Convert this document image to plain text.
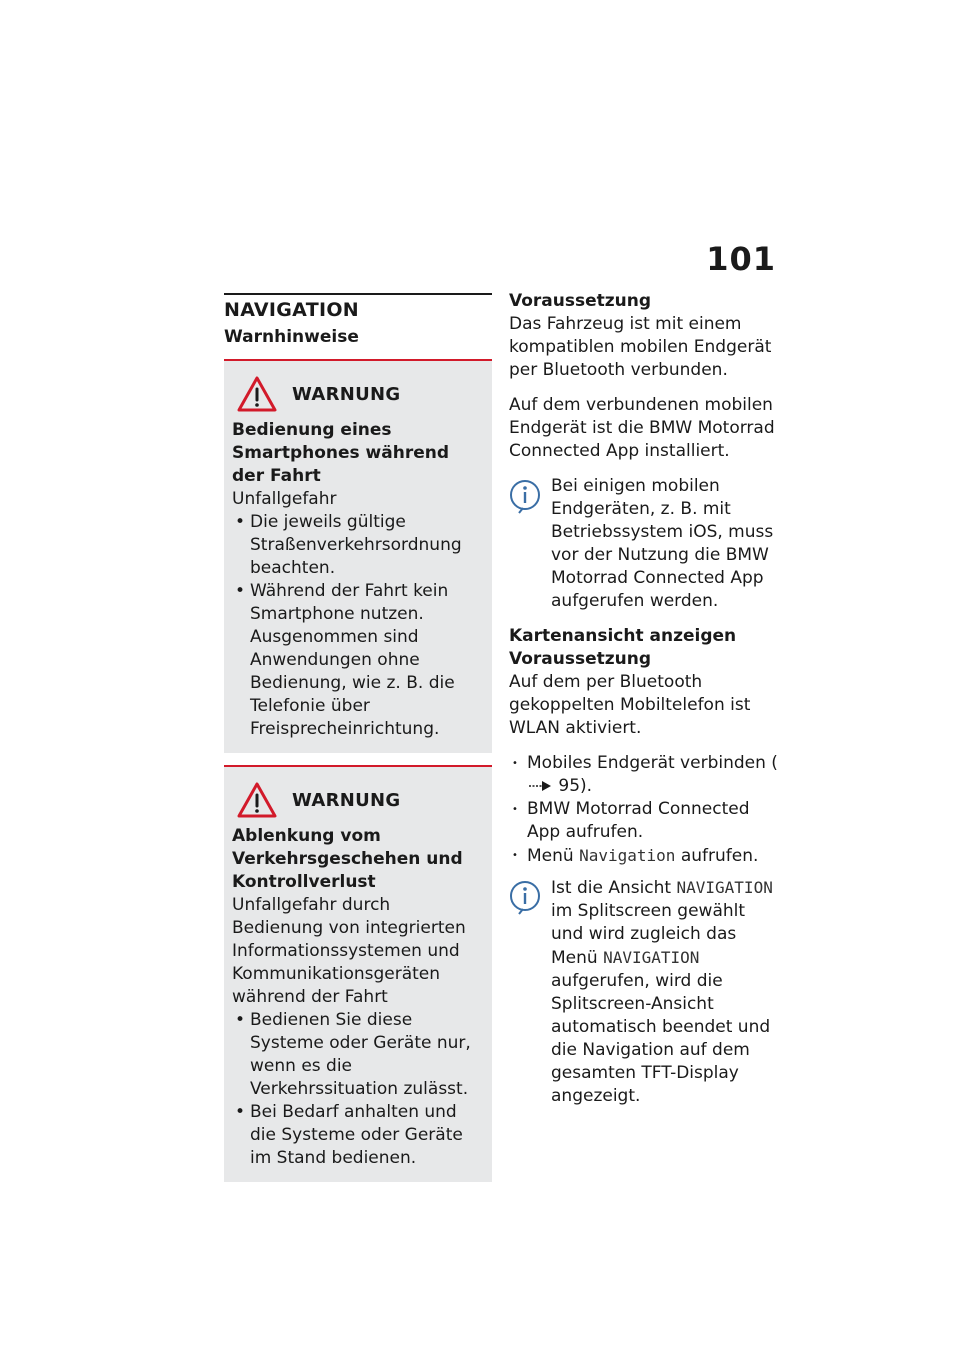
101
NAVIGATION
Warnhinweise
WARNUNG
Bedienung eines Smartphones während der Fahrt
Unfallgefahr
• Die jeweils gültige Straßenverkehrsordnung beachten.
• Während der Fahrt kein Smartphone nutzen. Ausgenommen sind Anwendungen ohne Bedienung, wie z. B. die Telefonie über Freisprecheinrichtung.
WARNUNG
Ablenkung vom Verkehrsgeschehen und Kontrollverlust
Unfallgefahr durch Bedienung von integrierten Informationssystemen und Kommunikationsgeräten während der Fahrt
• Bedienen Sie diese Systeme oder Geräte nur, wenn es die Verkehrssituation zulässt.
• Bei Bedarf anhalten und die Systeme oder Geräte im Stand bedienen.

Voraussetzung

Das Fahrzeug ist mit einem kompatiblen mobilen Endgerät per Bluetooth verbunden.

Auf dem verbundenen mobilen Endgerät ist die BMW Motorrad Connected App installiert.

Bei einigen mobilen Endgeräten, z. B. mit Betriebssystem iOS, muss vor der Nutzung die BMW Motorrad Connected App aufgerufen werden.

Kartenansicht anzeigen

Voraussetzung

Auf dem per Bluetooth gekoppelten Mobiltelefon ist WLAN aktiviert.

• Mobiles Endgerät verbinden ( 95).
• BMW Motorrad Connected App aufrufen.
• Menü Navigation aufrufen.
Ist die Ansicht NAVIGATION im Splitscreen gewählt und wird zugleich das Menü NAVIGATION aufgerufen, wird die Splitscreen-Ansicht automatisch beendet und die Navigation auf dem gesamten TFT-Display angezeigt.
